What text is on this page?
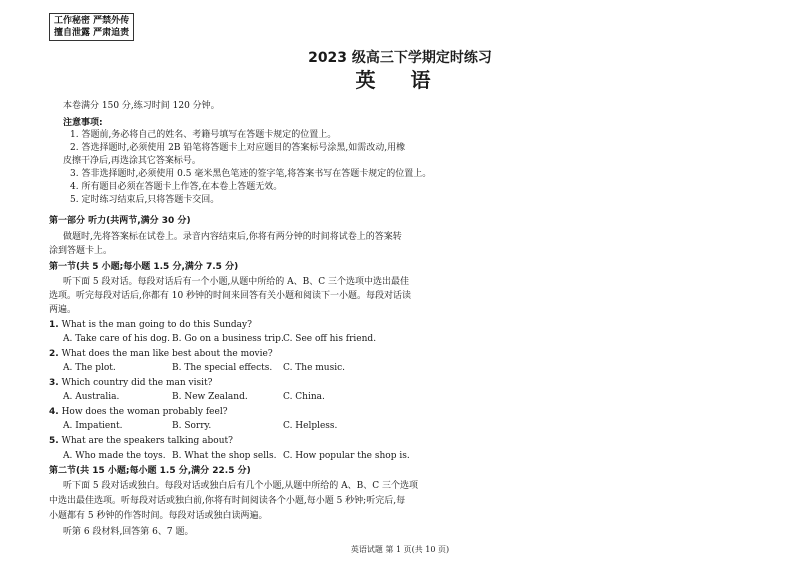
工作秘密 严禁外传
擅自泄露 严肃追责
2023 级高三下学期定时练习
英 语
本卷满分 150 分,练习时间 120 分钟。
注意事项:
1. 答题前,务必将自己的姓名、考籍号填写在答题卡规定的位置上。
2. 答选择题时,必须使用 2B 铅笔将答题卡上对应题目的答案标号涂黑,如需改动,用橡
皮擦干净后,再选涂其它答案标号。
3. 答非选择题时,必须使用 0.5 毫米黑色笔迹的签字笔,将答案书写在答题卡规定的位置上。
4. 所有题目必须在答题卡上作答,在本卷上答题无效。
5. 定时练习结束后,只将答题卡交回。
第一部分 听力(共两节,满分 30 分)
做题时,先将答案标在试卷上。录音内容结束后,你将有两分钟的时间将试卷上的答案转
涂到答题卡上。
第一节(共 5 小题;每小题 1.5 分,满分 7.5 分)
听下面 5 段对话。每段对话后有一个小题,从题中所给的 A、B、C 三个选项中选出最佳
选项。听完每段对话后,你都有 10 秒钟的时间来回答有关小题和阅读下一小题。每段对话读
两遍。
1. What is the man going to do this Sunday?
A. Take care of his dog. B. Go on a business trip. C. See off his friend.
2. What does the man like best about the movie?
A. The plot.	B. The special effects. C. The music.
3. Which country did the man visit?
A. Australia.	B. New Zealand.	C. China.
4. How does the woman probably feel?
A. Impatient.	B. Sorry.	C. Helpless.
5. What are the speakers talking about?
A. Who made the toys. B. What the shop sells. C. How popular the shop is.
第二节(共 15 小题;每小题 1.5 分,满分 22.5 分)
听下面 5 段对话或独白。每段对话或独白后有几个小题,从题中所给的 A、B、C 三个选项
中选出最佳选项。听每段对话或独白前,你将有时间阅读各个小题,每小题 5 秒钟;听完后,每
小题都有 5 秒钟的作答时间。每段对话或独白读两遍。
听第 6 段材料,回答第 6、7 题。
英语试题 第 1 页(共 10 页)
